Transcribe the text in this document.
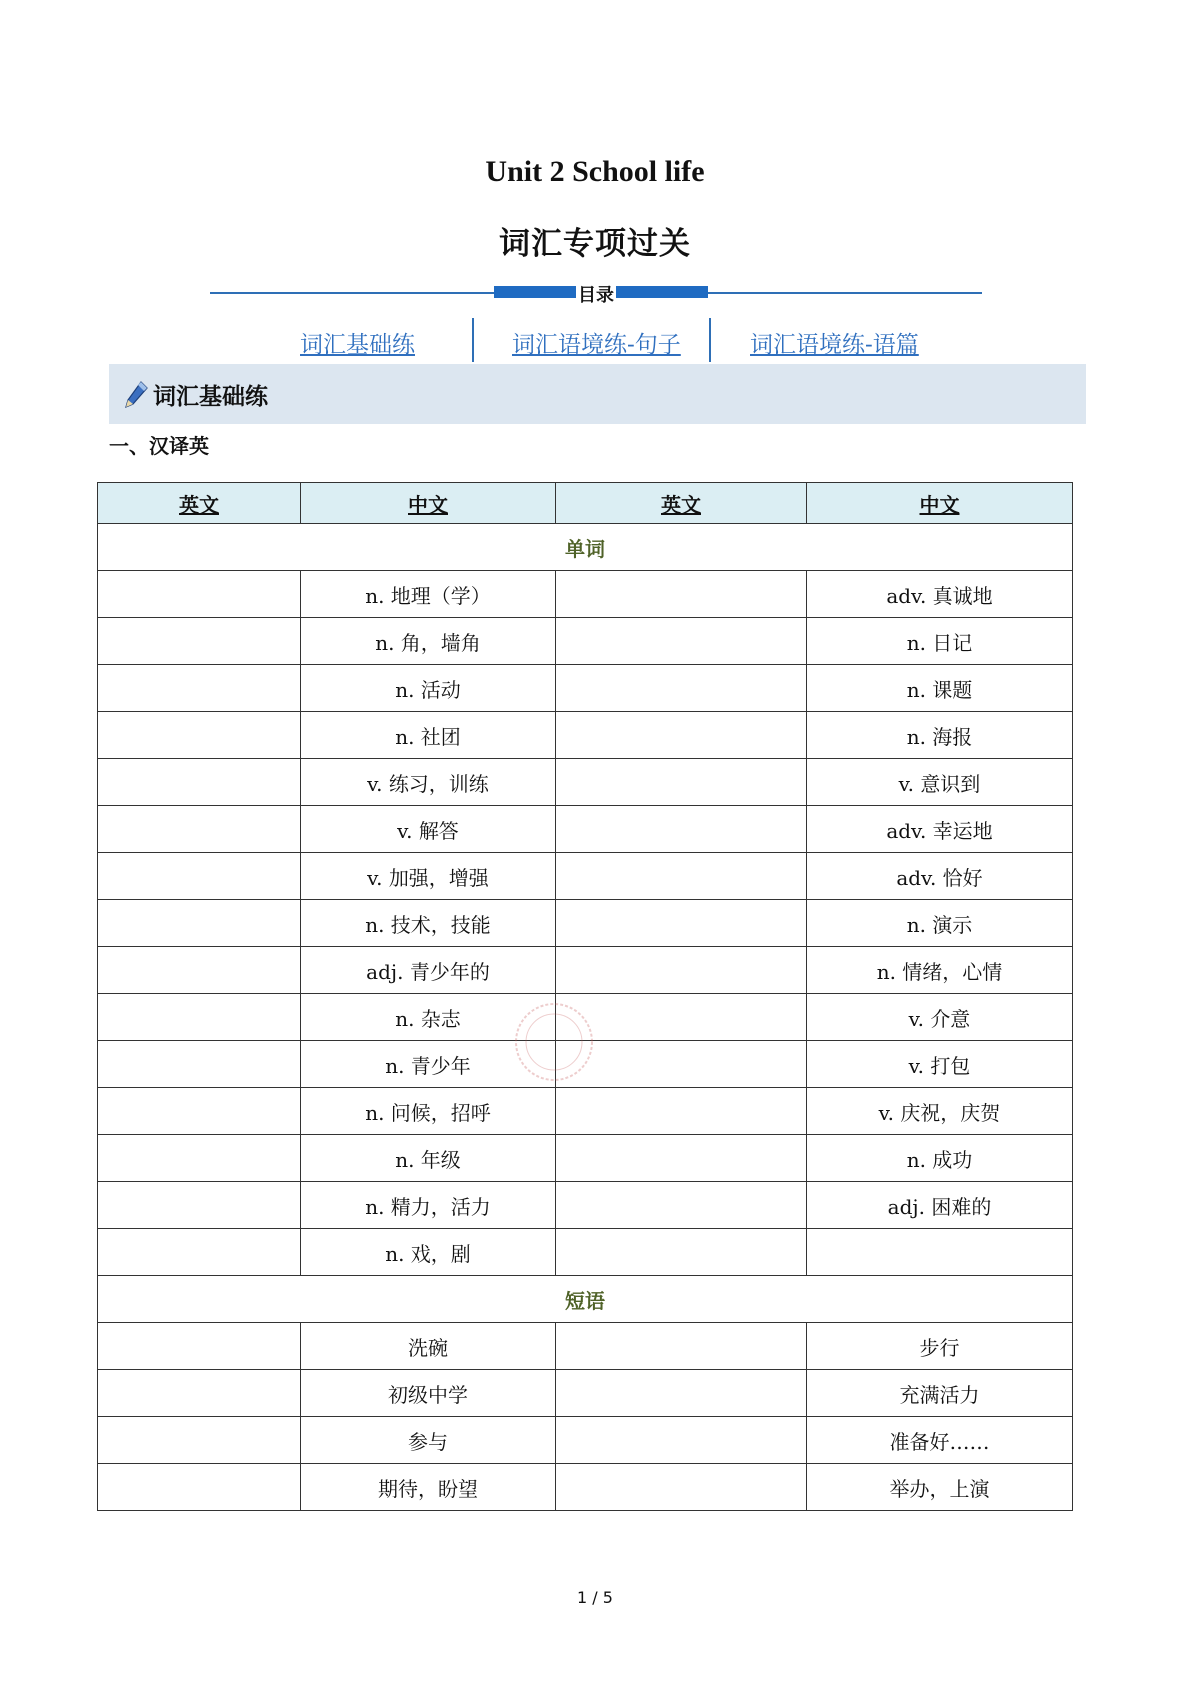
Unit 2 School life
词汇专项过关
目录
词汇基础练	词汇语境练-句子	词汇语境练-语篇
词汇基础练
一、汉译英
英文	中文	英文	中文
单词			
	n. 地理（学）		adv. 真诚地
	n. 角，墙角		n. 日记
	n. 活动		n. 课题
	n. 社团		n. 海报
	v. 练习，训练		v. 意识到
	v. 解答		adv. 幸运地
	v. 加强，增强		adv. 恰好
	n. 技术，技能		n. 演示
	adj. 青少年的		n. 情绪，心情
	n. 杂志		v. 介意
	n. 青少年		v. 打包
	n. 问候，招呼		v. 庆祝，庆贺
	n. 年级		n. 成功
	n. 精力，活力		adj. 困难的
	n. 戏，剧		
短语			
	洗碗		步行
	初级中学		充满活力
	参与		准备好……
	期待，盼望		举办，上演
1 / 5
